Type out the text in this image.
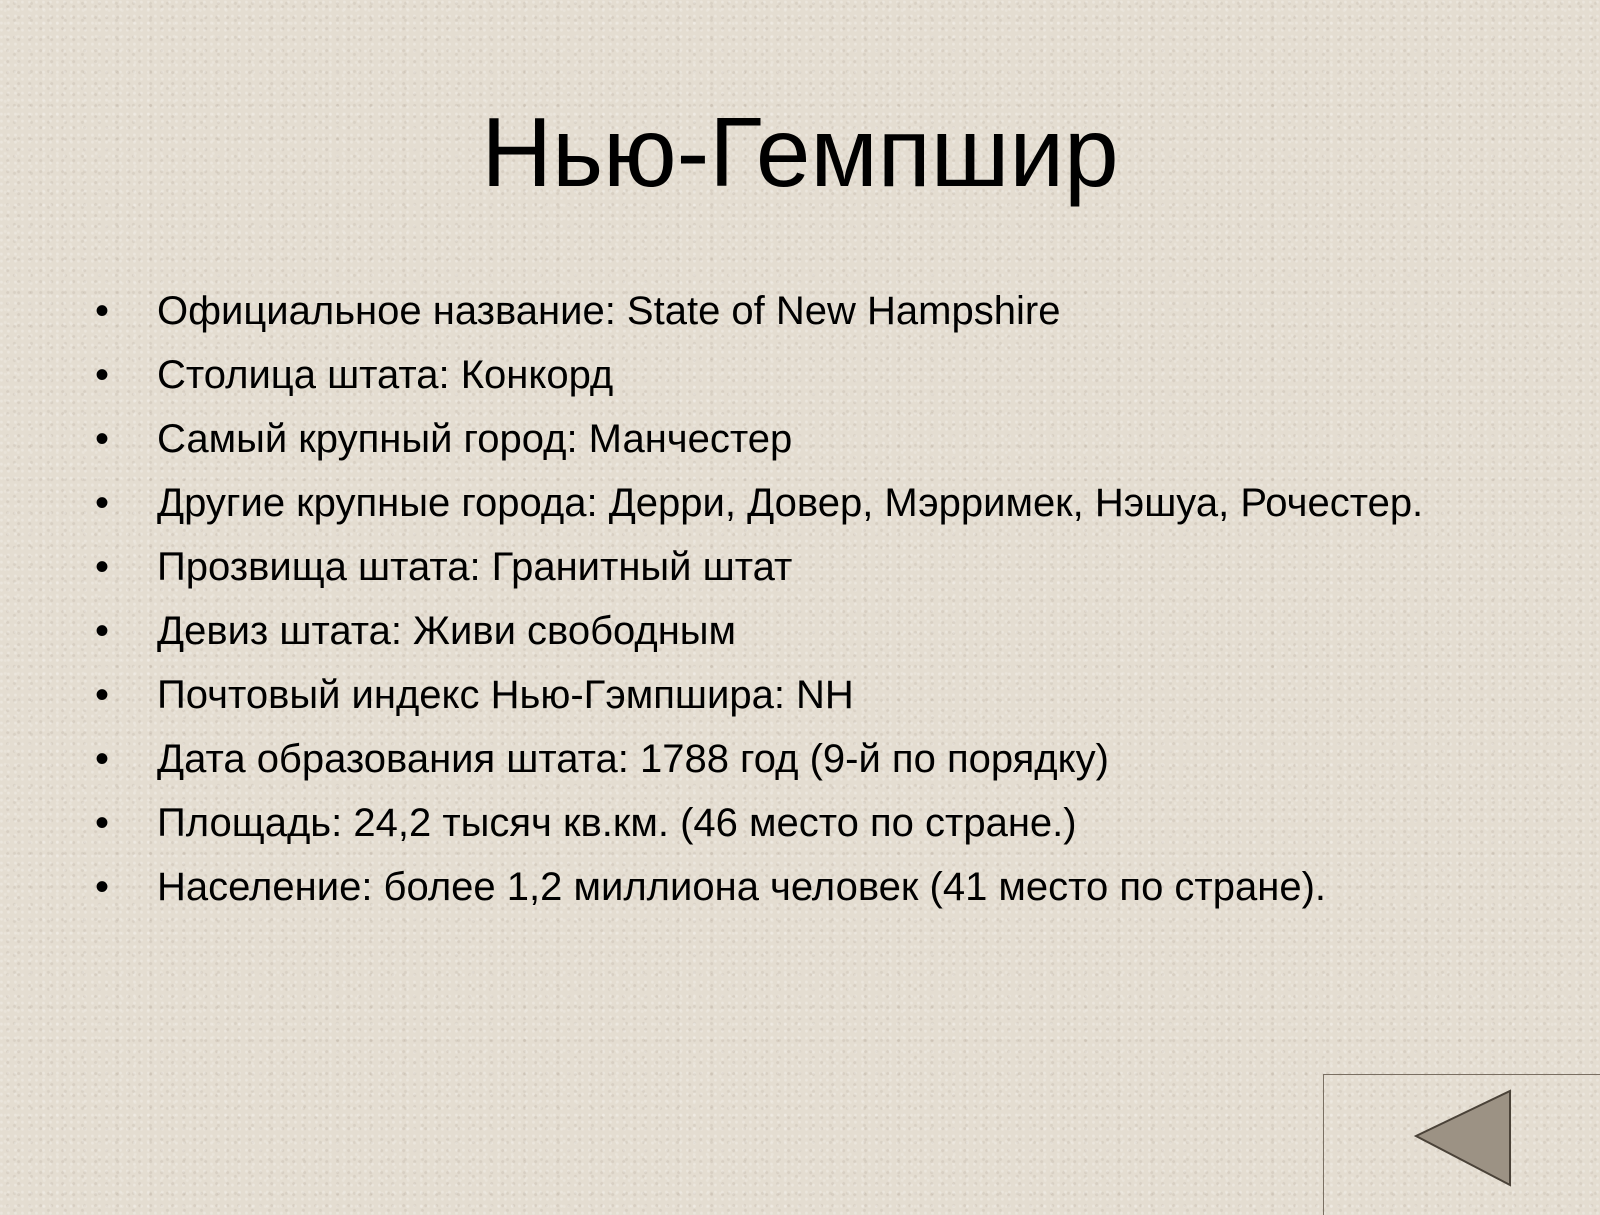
Нью-Гемпшир
•	Официальное название: State of New Hampshire
•	Столица штата: Конкорд
•	Самый крупный город: Манчестер
•	Другие крупные города: Дерри, Довер, Мэрримек, Нэшуа, Рочестер.
•	Прозвища штата: Гранитный штат
•	Девиз штата: Живи свободным
•	Почтовый индекс Нью-Гэмпшира: NH
•	Дата образования штата: 1788 год (9-й по порядку)
•	Площадь: 24,2 тысяч кв.км. (46 место по стране.)
•	Население: более 1,2 миллиона человек (41 место по стране).
